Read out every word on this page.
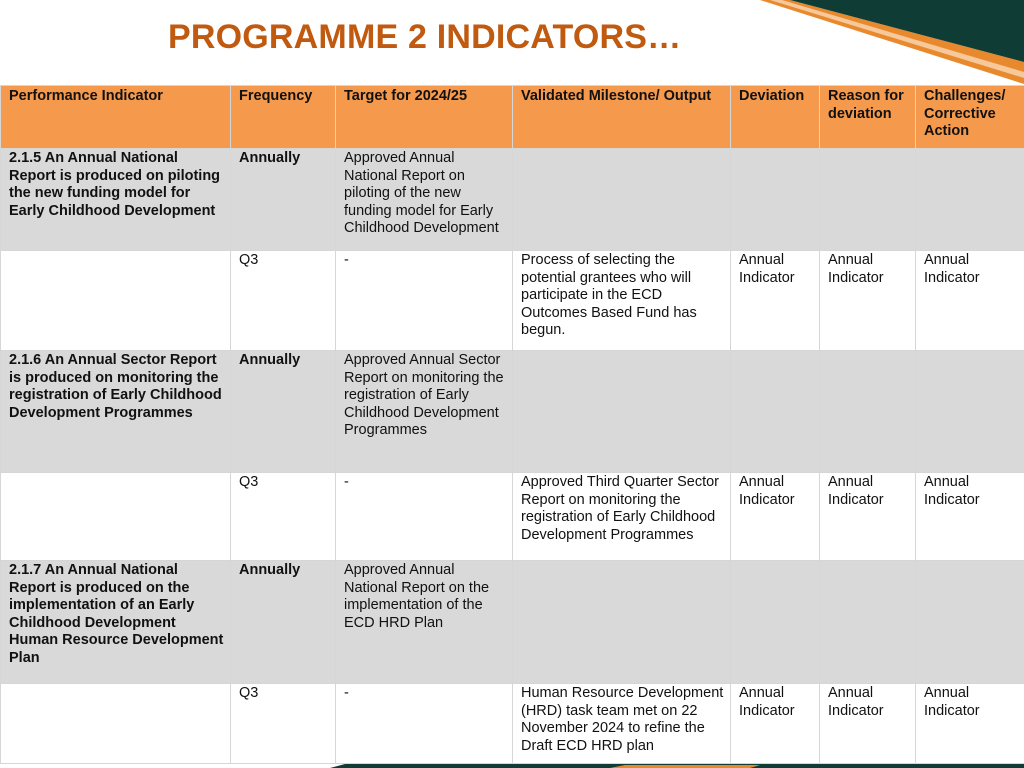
PROGRAMME 2 INDICATORS…
Performance Indicator	Frequency	Target for 2024/25	Validated Milestone/ Output	Deviation	Reason for deviation	Challenges/ Corrective Action
2.1.5 An Annual National Report is produced on piloting the new funding model for Early Childhood Development	Annually	Approved Annual National Report on piloting of the new funding model for Early Childhood Development				
	Q3	-	Process of selecting the potential grantees who will participate in the ECD Outcomes Based Fund has begun.	Annual Indicator	Annual Indicator	Annual Indicator
2.1.6 An Annual Sector Report is produced on monitoring the registration of Early Childhood Development Programmes	Annually	Approved Annual Sector Report on monitoring the registration of Early Childhood Development Programmes				
	Q3	-	Approved Third Quarter Sector Report on monitoring the registration of Early Childhood Development Programmes	Annual Indicator	Annual Indicator	Annual Indicator
2.1.7 An Annual National Report is produced on the implementation of an Early Childhood Development Human Resource Development Plan	Annually	Approved Annual National Report on the implementation of the ECD HRD Plan				
	Q3	-	Human Resource Development (HRD) task team met on 22 November 2024 to refine the Draft ECD HRD plan	Annual Indicator	Annual Indicator	Annual Indicator
